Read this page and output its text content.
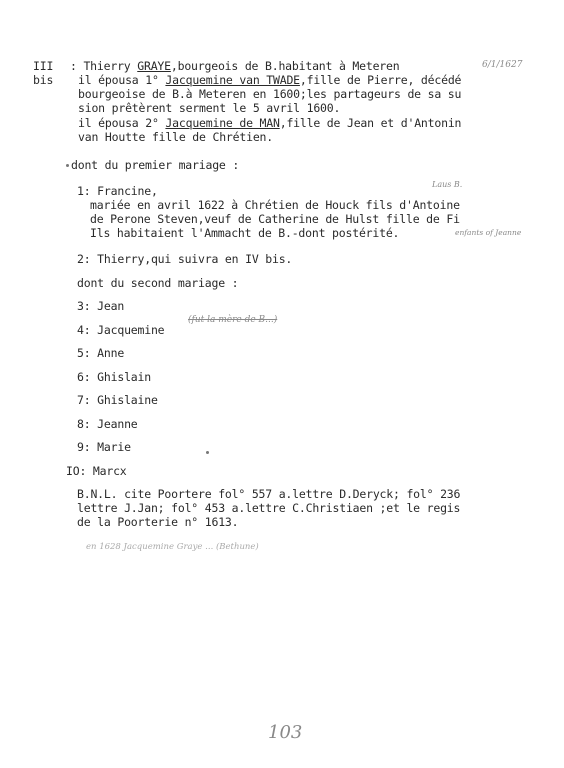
III
bis
: Thierry GRAYE,bourgeois de B.habitant à Meteren	6/1/1627
il épousa 1° Jacquemine van TWADE,fille de Pierre, décédé
bourgeoise de B.à Meteren en 1600;les partageurs de sa su
sion prêtèrent serment le 5 avril 1600.
il épousa 2° Jacquemine de MAN,fille de Jean et d'Antonin
van Houtte fille de Chrétien.
dont du premier mariage :
Laus B.
1: Francine,
mariée en avril 1622 à Chrétien de Houck fils d'Antoine
de Perone Steven,veuf de Catherine de Hulst fille de Fi
Ils habitaient l'Ammacht de B.-dont postérité.	enfants of Jeanne
2: Thierry,qui suivra en IV bis.
dont du second mariage :
3: Jean
4: Jacquemine
(fut la mère de B...)
5: Anne
6: Ghislain
7: Ghislaine
8: Jeanne
9: Marie
IO: Marcx
B.N.L. cite Poortere fol° 557 a.lettre D.Deryck; fol° 236
lettre J.Jan; fol° 453 a.lettre C.Christiaen ;et le regis
de la Poorterie n° 1613.
en 1628 Jacquemine Graye ... (Bethune)
103
